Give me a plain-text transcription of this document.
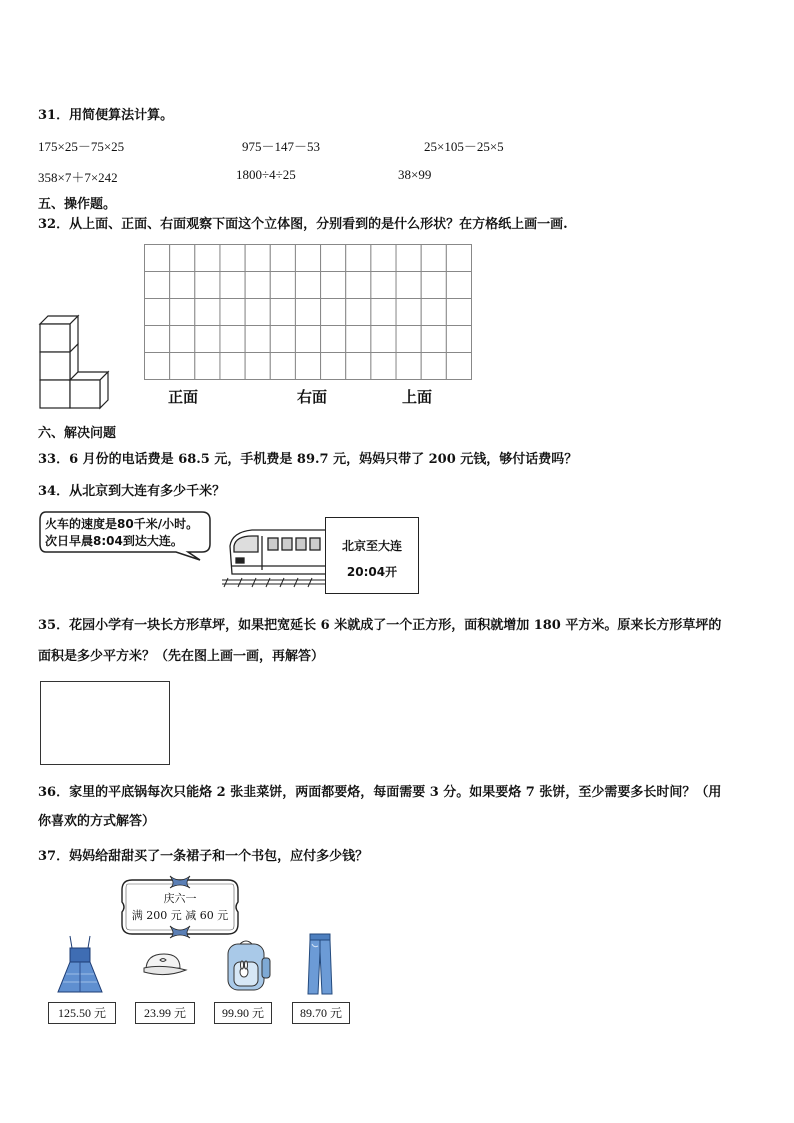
31．用简便算法计算。
175×25－75×25	975－147－53	25×105－25×5
358×7＋7×242	1800÷4÷25	38×99
五、操作题。
32．从上面、正面、右面观察下面这个立体图，分别看到的是什么形状？在方格纸上画一画.
正面	右面	上面
六、解决问题
33．6 月份的电话费是 68.5 元，手机费是 89.7 元，妈妈只带了 200 元钱，够付话费吗？
34．从北京到大连有多少千米？
火车的速度是80千米/小时。
次日早晨8:04到达大连。	北京至大连
20:04开
35．花园小学有一块长方形草坪，如果把宽延长 6 米就成了一个正方形，面积就增加 180 平方米。原来长方形草坪的
面积是多少平方米？（先在图上画一画，再解答）
36．家里的平底锅每次只能烙 2 张韭菜饼，两面都要烙，每面需要 3 分。如果要烙 7 张饼，至少需要多长时间？（用
你喜欢的方式解答）
37．妈妈给甜甜买了一条裙子和一个书包，应付多少钱？
庆六一
满 200 元 减 60 元
125.50 元	23.99 元	99.90 元	89.70 元
